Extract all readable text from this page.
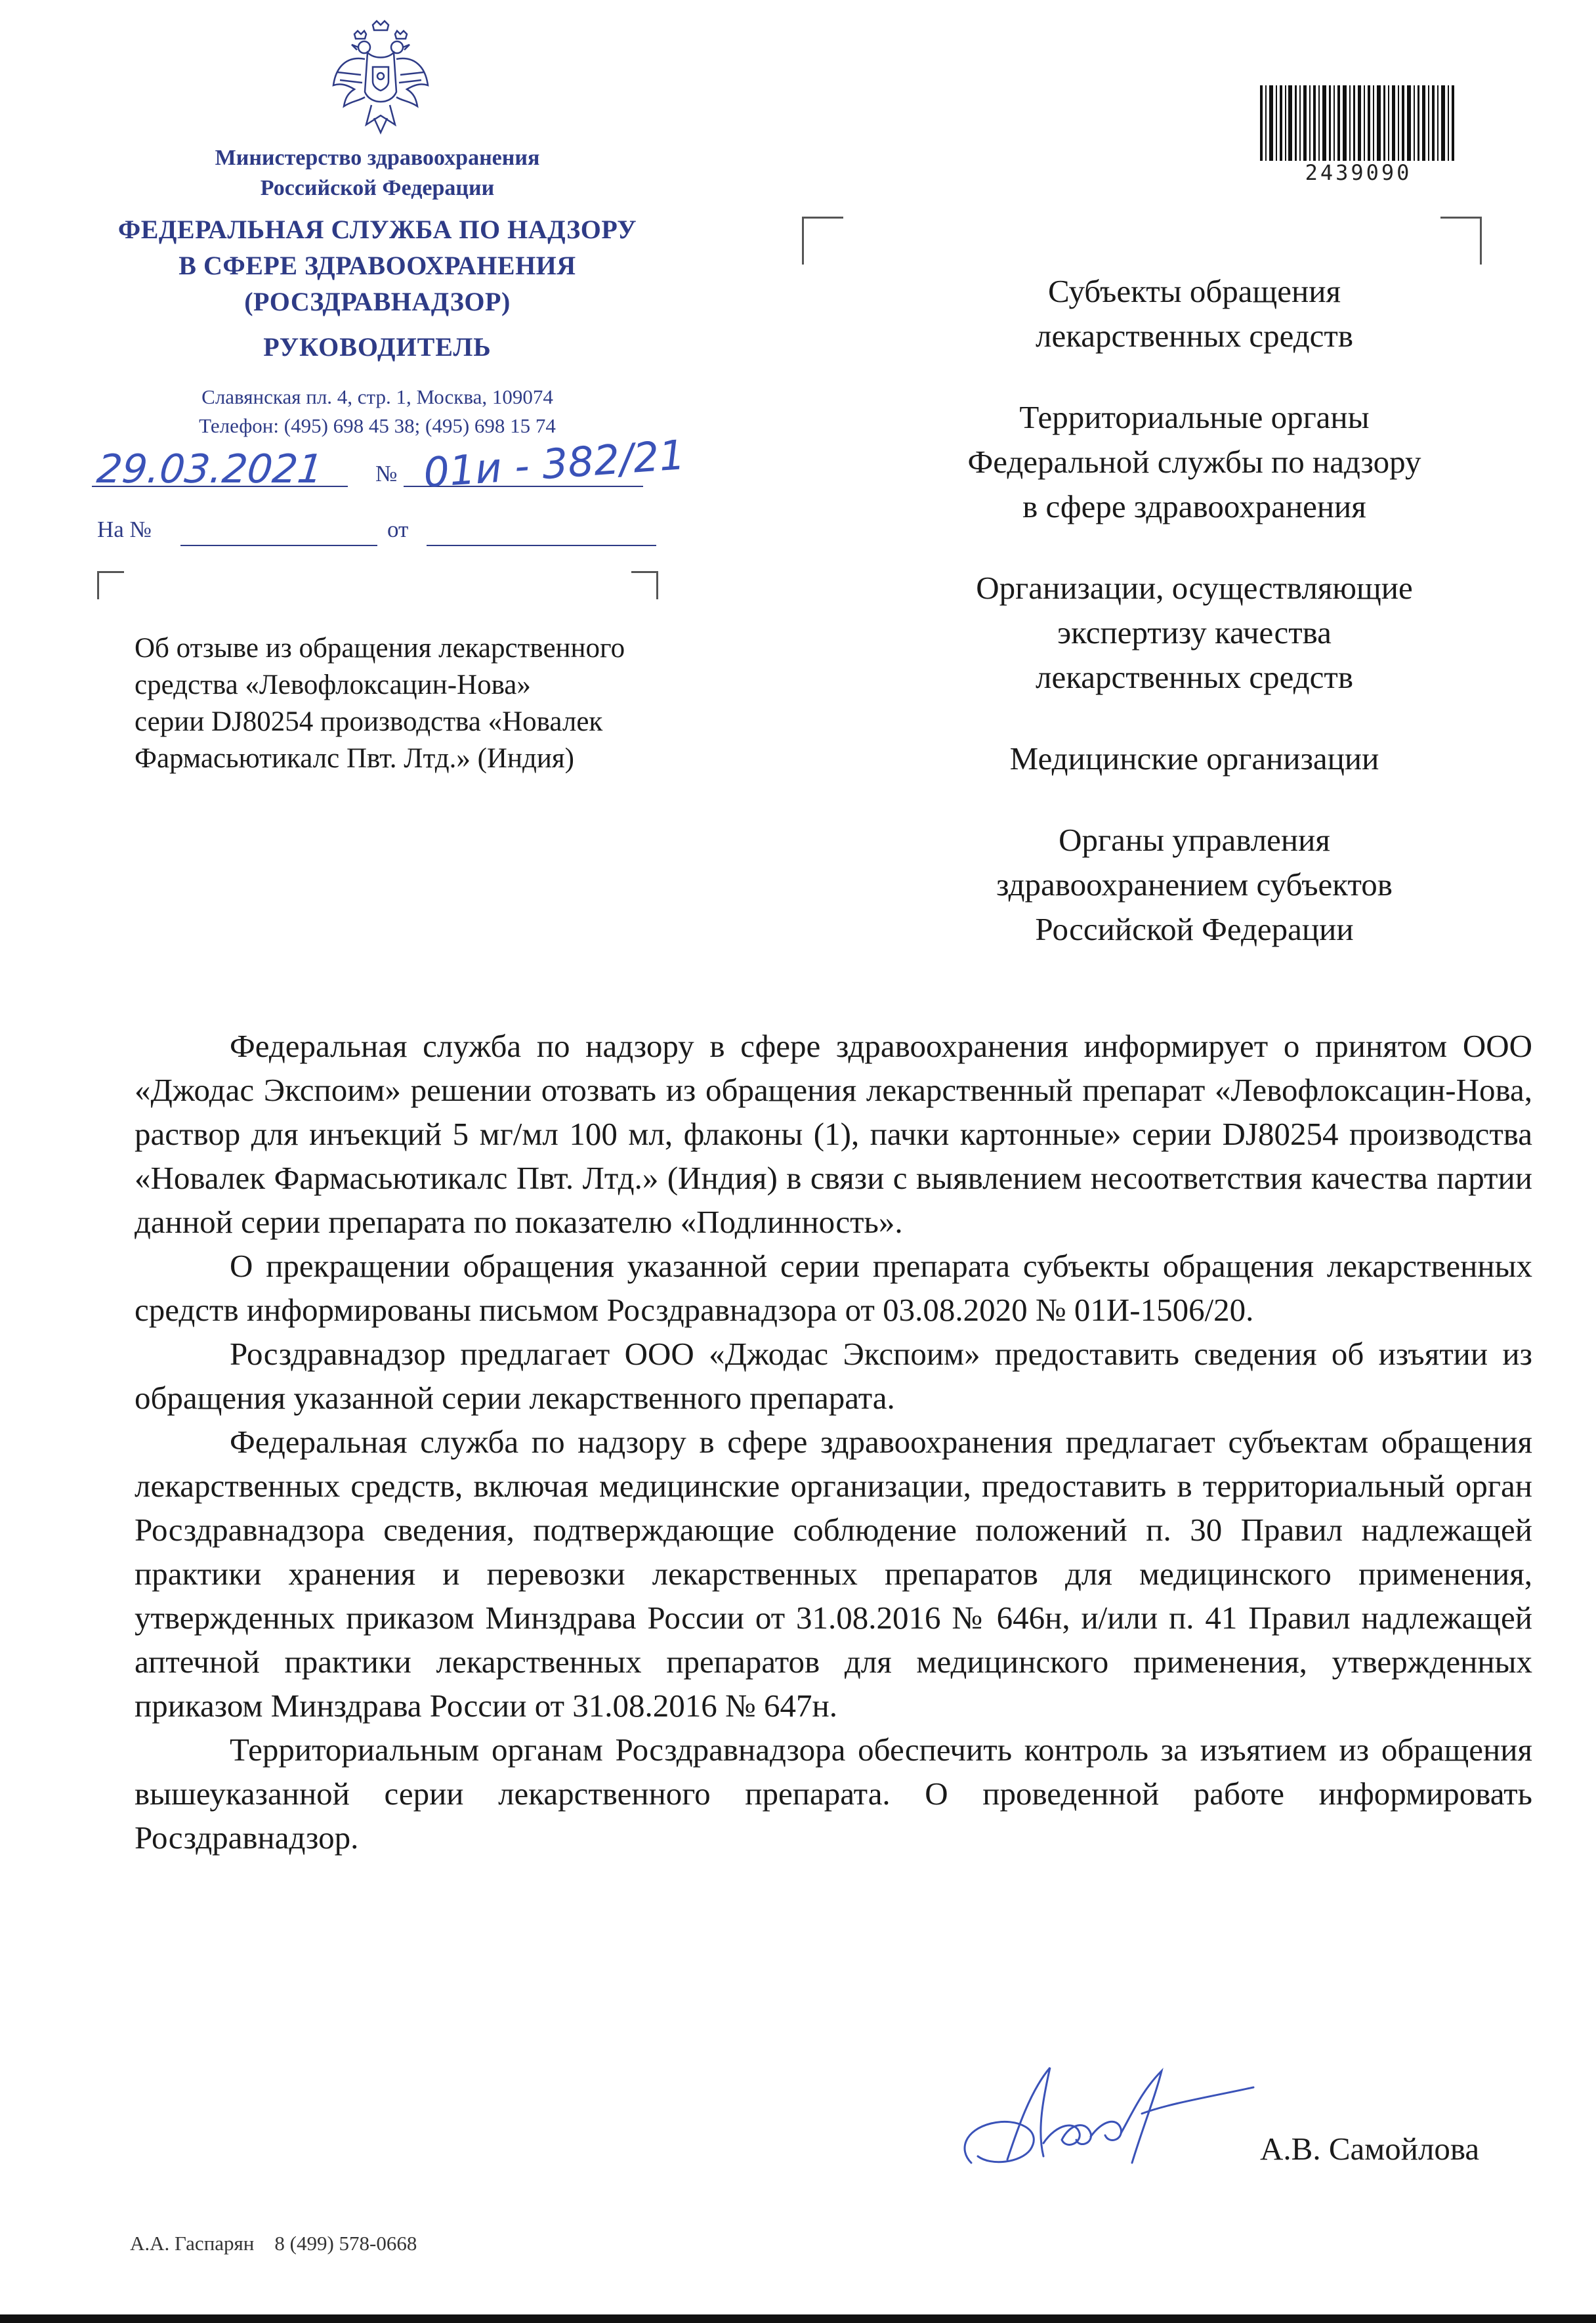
Министерство здравоохранения
Российской Федерации
ФЕДЕРАЛЬНАЯ СЛУЖБА ПО НАДЗОРУ
В СФЕРЕ ЗДРАВООХРАНЕНИЯ
(РОСЗДРАВНАДЗОР)
РУКОВОДИТЕЛЬ
Славянская пл. 4, стр. 1, Москва, 109074
Телефон: (495) 698 45 38; (495) 698 15 74
29.03.2021 № 01и - 382/21
На №	от
Об отзыве из обращения лекарственного
средства «Левофлоксацин-Нова»
серии DJ80254 производства «Новалек
Фармасьютикалс Пвт. Лтд.» (Индия)
2439090

Субъекты обращения
лекарственных средств

Территориальные органы
Федеральной службы по надзору
в сфере здравоохранения

Организации, осуществляющие
экспертизу качества
лекарственных средств

Медицинские организации

Органы управления
здравоохранением субъектов
Российской Федерации

Федеральная служба по надзору в сфере здравоохранения информирует о принятом ООО «Джодас Экспоим» решении отозвать из обращения лекарственный препарат «Левофлоксацин-Нова, раствор для инъекций 5 мг/мл 100 мл, флаконы (1), пачки картонные» серии DJ80254 производства «Новалек Фармасьютикалс Пвт. Лтд.» (Индия) в связи с выявлением несоответствия качества партии данной серии препарата по показателю «Подлинность».

О прекращении обращения указанной серии препарата субъекты обращения лекарственных средств информированы письмом Росздравнадзора от 03.08.2020 № 01И-1506/20.

Росздравнадзор предлагает ООО «Джодас Экспоим» предоставить сведения об изъятии из обращения указанной серии лекарственного препарата.

Федеральная служба по надзору в сфере здравоохранения предлагает субъектам обращения лекарственных средств, включая медицинские организации, предоставить в территориальный орган Росздравнадзора сведения, подтверждающие соблюдение положений п. 30 Правил надлежащей практики хранения и перевозки лекарственных препаратов для медицинского применения, утвержденных приказом Минздрава России от 31.08.2016 № 646н, и/или п. 41 Правил надлежащей аптечной практики лекарственных препаратов для медицинского применения, утвержденных приказом Минздрава России от 31.08.2016 № 647н.

Территориальным органам Росздравнадзора обеспечить контроль за изъятием из обращения вышеуказанной серии лекарственного препарата. О проведенной работе информировать Росздравнадзор.

А.В. Самойлова
А.А. Гаспарян 8 (499) 578-0668
